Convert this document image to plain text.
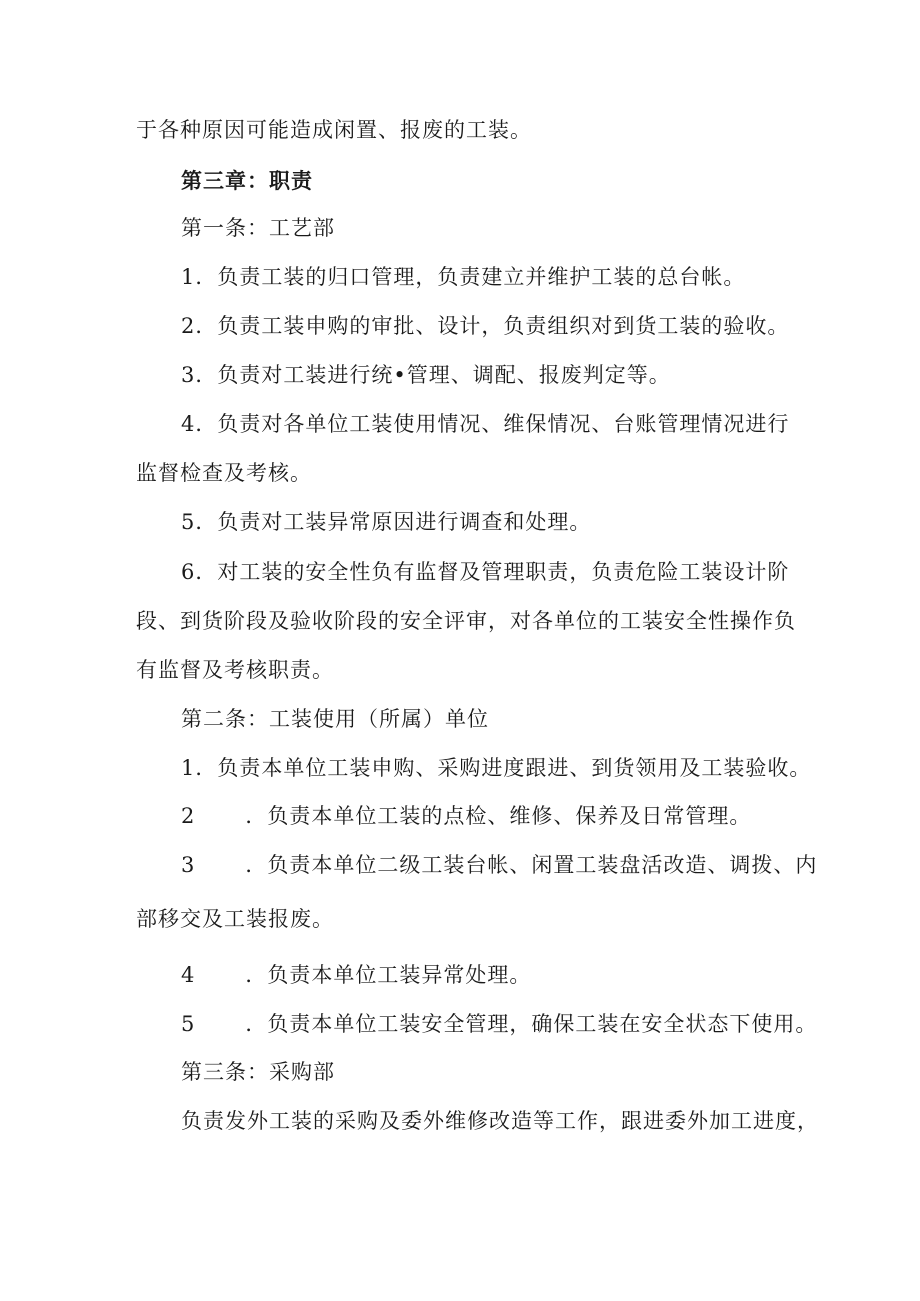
于各种原因可能造成闲置、报废的工装。
第三章：职责
第一条：工艺部
1．负责工装的归口管理，负责建立并维护工装的总台帐。
2．负责工装申购的审批、设计，负责组织对到货工装的验收。
3．负责对工装进行统•管理、调配、报废判定等。
4．负责对各单位工装使用情况、维保情况、台账管理情况进行
监督检查及考核。
5．负责对工装异常原因进行调查和处理。
6．对工装的安全性负有监督及管理职责，负责危险工装设计阶
段、到货阶段及验收阶段的安全评审，对各单位的工装安全性操作负
有监督及考核职责。
第二条：工装使用（所属）单位
1．负责本单位工装申购、采购进度跟进、到货领用及工装验收。
2 ．负责本单位工装的点检、维修、保养及日常管理。
3 ．负责本单位二级工装台帐、闲置工装盘活改造、调拨、内
部移交及工装报废。
4 ．负责本单位工装异常处理。
5 ．负责本单位工装安全管理，确保工装在安全状态下使用。
第三条：采购部
负责发外工装的采购及委外维修改造等工作，跟进委外加工进度，
